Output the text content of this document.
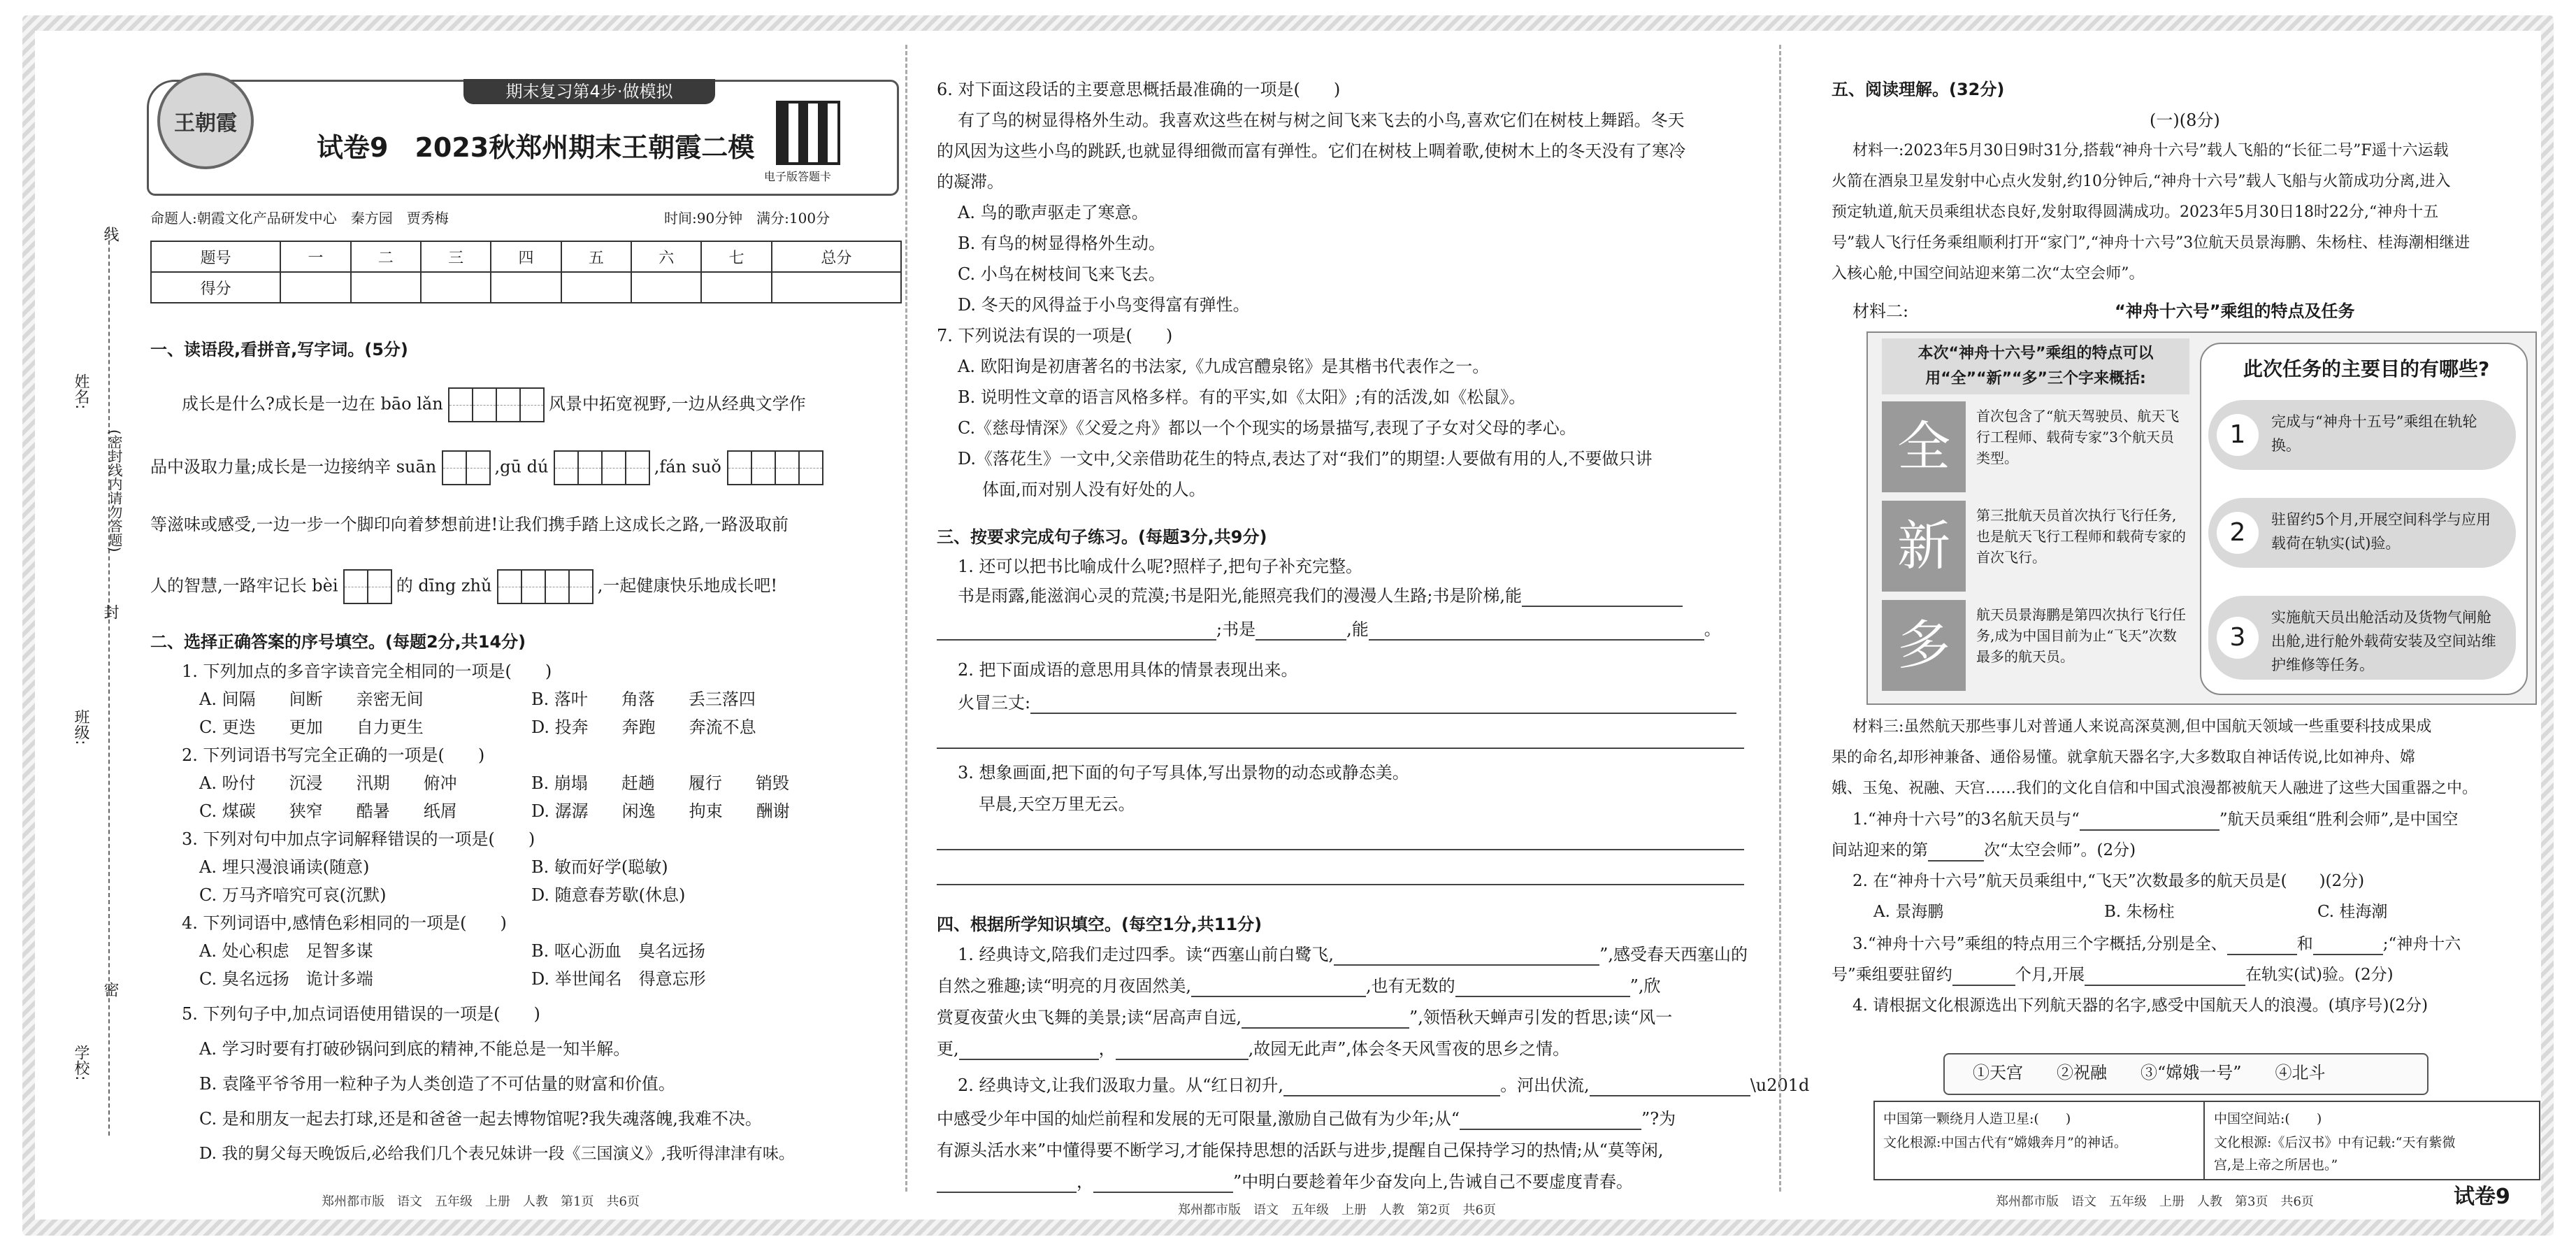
线
姓名:
(密封线内请勿答题)
封
班级:
密
学校:
期末复习第4步·做模拟
试卷9　2023秋郑州期末王朝霞二模
电子版答题卡
王朝霞
命题人:朝霞文化产品研发中心　秦方园　贾秀梅	时间:90分钟　满分:100分
题号	一	二	三	四	五	六	七	总分
得分								
一、读语段,看拼音,写字词。(5分)
成长是什么?成长是一边在 bāo lǎn	风景中拓宽视野,一边从经典文学作
品中汲取力量;成长是一边接纳辛 suān	,gū dú	,fán suǒ
等滋味或感受,一边一步一个脚印向着梦想前进!让我们携手踏上这成长之路,一路汲取前
人的智慧,一路牢记长 bèi	的 dīng zhǔ	,一起健康快乐地成长吧!
二、选择正确答案的序号填空。(每题2分,共14分)
1. 下列加点的多音字读音完全相同的一项是(　　)
A. 间隔　　间断　　亲密无间	B. 落叶　　角落　　丢三落四
C. 更迭　　更加　　自力更生	D. 投奔　　奔跑　　奔流不息
2. 下列词语书写完全正确的一项是(　　)
A. 吩付　　沉浸　　汛期　　俯冲	B. 崩塌　　赶趟　　履行　　销毁
C. 煤碳　　狭窄　　酷暑　　纸屑	D. 潺潺　　闲逸　　拘束　　酬谢
3. 下列对句中加点字词解释错误的一项是(　　)
A. 埋只漫浪诵读(随意)	B. 敏而好学(聪敏)
C. 万马齐喑究可哀(沉默)	D. 随意春芳歇(休息)
4. 下列词语中,感情色彩相同的一项是(　　)
A. 处心积虑　足智多谋	B. 呕心沥血　臭名远扬
C. 臭名远扬　诡计多端	D. 举世闻名　得意忘形
5. 下列句子中,加点词语使用错误的一项是(　　)
A. 学习时要有打破砂锅问到底的精神,不能总是一知半解。
B. 袁隆平爷爷用一粒种子为人类创造了不可估量的财富和价值。
C. 是和朋友一起去打球,还是和爸爸一起去博物馆呢?我失魂落魄,我难不决。
D. 我的舅父每天晚饭后,必给我们几个表兄妹讲一段《三国演义》,我听得津津有味。
郑州都市版　语文　五年级　上册　人教　第1页　共6页
6. 对下面这段话的主要意思概括最准确的一项是(　　)
有了鸟的树显得格外生动。我喜欢这些在树与树之间飞来飞去的小鸟,喜欢它们在树枝上舞蹈。冬天
的风因为这些小鸟的跳跃,也就显得细微而富有弹性。它们在树枝上啁着歌,使树木上的冬天没有了寒冷
的凝滞。
A. 鸟的歌声驱走了寒意。
B. 有鸟的树显得格外生动。
C. 小鸟在树枝间飞来飞去。
D. 冬天的风得益于小鸟变得富有弹性。
7. 下列说法有误的一项是(　　)
A. 欧阳询是初唐著名的书法家,《九成宫醴泉铭》是其楷书代表作之一。
B. 说明性文章的语言风格多样。有的平实,如《太阳》;有的活泼,如《松鼠》。
C.《慈母情深》《父爱之舟》都以一个个现实的场景描写,表现了子女对父母的孝心。
D.《落花生》一文中,父亲借助花生的特点,表达了对“我们”的期望:人要做有用的人,不要做只讲
体面,而对别人没有好处的人。
三、按要求完成句子练习。(每题3分,共9分)
1. 还可以把书比喻成什么呢?照样子,把句子补充完整。
书是雨露,能滋润心灵的荒漠;书是阳光,能照亮我们的漫漫人生路;书是阶梯,能
;书是	,能	。
2. 把下面成语的意思用具体的情景表现出来。
火冒三丈:
3. 想象画面,把下面的句子写具体,写出景物的动态或静态美。
早晨,天空万里无云。
四、根据所学知识填空。(每空1分,共11分)
1. 经典诗文,陪我们走过四季。读“西塞山前白鹭飞,	”,感受春天西塞山的
自然之雅趣;读“明亮的月夜固然美,	,也有无数的	”,欣
赏夏夜萤火虫飞舞的美景;读“居高声自远,	”,领悟秋天蝉声引发的哲思;读“风一
更,	，	,故园无此声”,体会冬天风雪夜的思乡之情。
2. 经典诗文,让我们汲取力量。从“红日初升,	。河出伏流,	\u201d
中感受少年中国的灿烂前程和发展的无可限量,激励自己做有为少年;从“	”?为
有源头活水来”中懂得要不断学习,才能保持思想的活跃与进步,提醒自己保持学习的热情;从“莫等闲,
，	”中明白要趁着年少奋发向上,告诫自己不要虚度青春。
郑州都市版　语文　五年级　上册　人教　第2页　共6页
五、阅读理解。(32分)
(一)(8分)
材料一:2023年5月30日9时31分,搭载“神舟十六号”载人飞船的“长征二号”F遥十六运载
火箭在酒泉卫星发射中心点火发射,约10分钟后,“神舟十六号”载人飞船与火箭成功分离,进入
预定轨道,航天员乘组状态良好,发射取得圆满成功。2023年5月30日18时22分,“神舟十五
号”载人飞行任务乘组顺利打开“家门”,“神舟十六号”3位航天员景海鹏、朱杨柱、桂海潮相继进
入核心舱,中国空间站迎来第二次“太空会师”。
材料二:	“神舟十六号”乘组的特点及任务
本次“神舟十六号”乘组的特点可以用“全”“新”“多”三个字来概括:
全	首次包含了“航天驾驶员、航天飞行工程师、载荷专家”3个航天员类型。
新	第三批航天员首次执行飞行任务,也是航天飞行工程师和载荷专家的首次飞行。
多	航天员景海鹏是第四次执行飞行任务,成为中国目前为止“飞天”次数最多的航天员。
此次任务的主要目的有哪些?
1	完成与“神舟十五号”乘组在轨轮换。
2	驻留约5个月,开展空间科学与应用载荷在轨实(试)验。
3
实施航天员出舱活动及货物气闸舱出舱,进行舱外载荷安装及空间站维护维修等任务。
材料三:虽然航天那些事儿对普通人来说高深莫测,但中国航天领域一些重要科技成果成
果的命名,却形神兼备、通俗易懂。就拿航天器名字,大多数取自神话传说,比如神舟、嫦
娥、玉兔、祝融、天宫……我们的文化自信和中国式浪漫都被航天人融进了这些大国重器之中。
1.“神舟十六号”的3名航天员与“	”航天员乘组“胜利会师”,是中国空
间站迎来的第	次“太空会师”。(2分)
2. 在“神舟十六号”航天员乘组中,“飞天”次数最多的航天员是(　　)(2分)
A. 景海鹏	B. 朱杨柱	C. 桂海潮
3.“神舟十六号”乘组的特点用三个字概括,分别是全、	和	;“神舟十六
号”乘组要驻留约	个月,开展	在轨实(试)验。(2分)
4. 请根据文化根源选出下列航天器的名字,感受中国航天人的浪漫。(填序号)(2分)
①天宫　　②祝融　　③“嫦娥一号”　　④北斗
中国第一颗绕月人造卫星:(　　)
文化根源:中国古代有“嫦娥奔月”的神话。
中国空间站:(　　)
文化根源:《后汉书》中有记载:“天有紫微
宫,是上帝之所居也。”
郑州都市版　语文　五年级　上册　人教　第3页　共6页	试卷9
